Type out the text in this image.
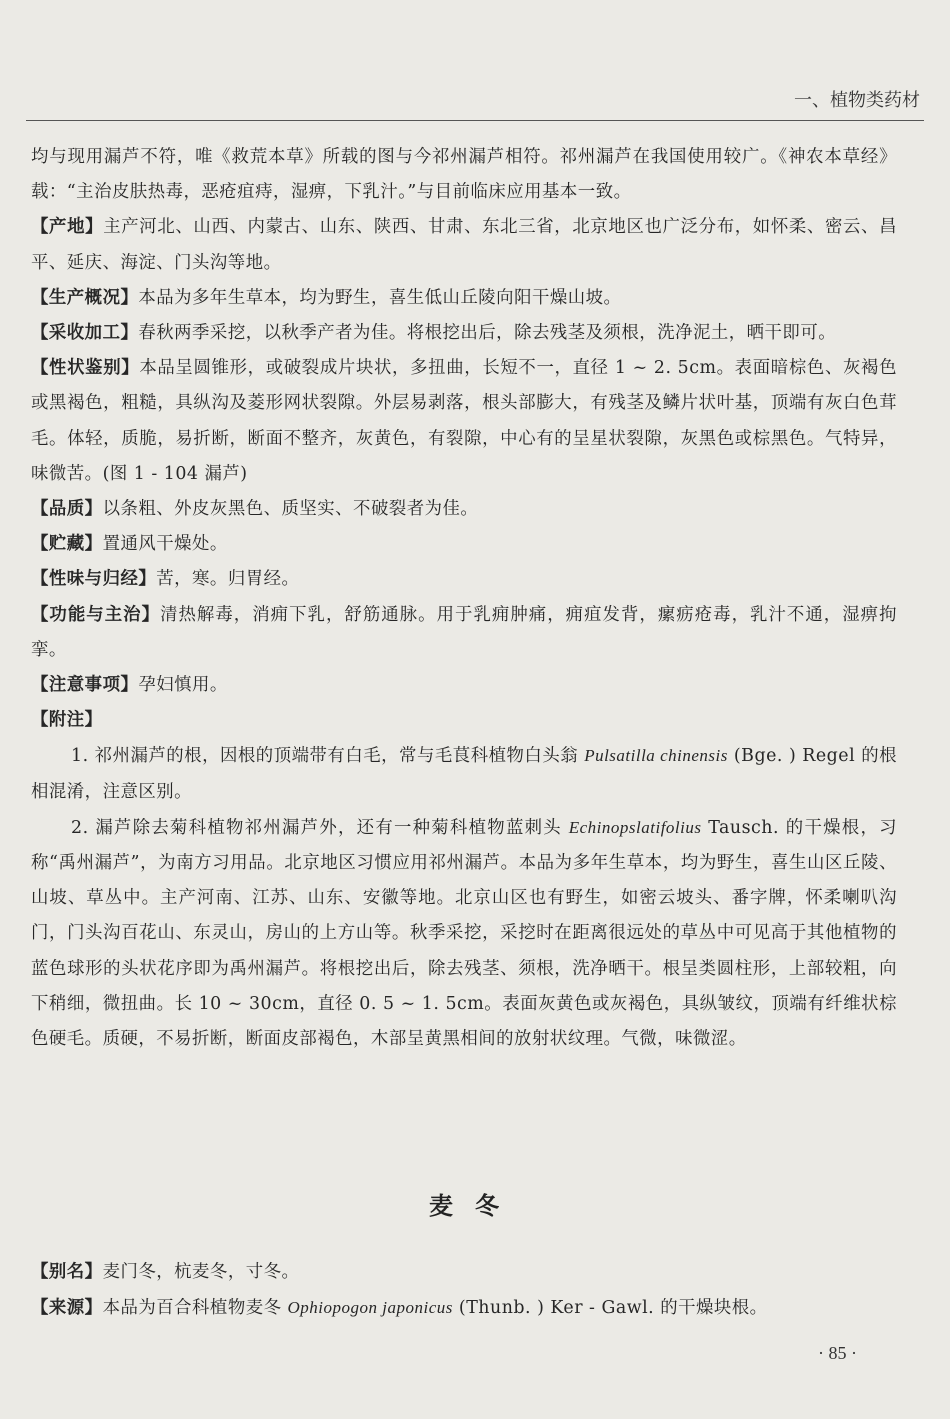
一、植物类药材

均与现用漏芦不符，唯《救荒本草》所载的图与今祁州漏芦相符。祁州漏芦在我国使用较广。《神农本草经》载：“主治皮肤热毒，恶疮疽痔，湿痹，下乳汁。”与目前临床应用基本一致。

【产地】主产河北、山西、内蒙古、山东、陕西、甘肃、东北三省，北京地区也广泛分布，如怀柔、密云、昌平、延庆、海淀、门头沟等地。

【生产概况】本品为多年生草本，均为野生，喜生低山丘陵向阳干燥山坡。

【采收加工】春秋两季采挖，以秋季产者为佳。将根挖出后，除去残茎及须根，洗净泥土，晒干即可。

【性状鉴别】本品呈圆锥形，或破裂成片块状，多扭曲，长短不一，直径 1 ~ 2. 5cm。表面暗棕色、灰褐色或黑褐色，粗糙，具纵沟及菱形网状裂隙。外层易剥落，根头部膨大，有残茎及鳞片状叶基，顶端有灰白色茸毛。体轻，质脆，易折断，断面不整齐，灰黄色，有裂隙，中心有的呈星状裂隙，灰黑色或棕黑色。气特异，味微苦。(图 1 - 104 漏芦)

【品质】以条粗、外皮灰黑色、质坚实、不破裂者为佳。

【贮藏】置通风干燥处。

【性味与归经】苦，寒。归胃经。

【功能与主治】清热解毒，消痈下乳，舒筋通脉。用于乳痈肿痛，痈疽发背，瘰疬疮毒，乳汁不通，湿痹拘挛。

【注意事项】孕妇慎用。

【附注】

1. 祁州漏芦的根，因根的顶端带有白毛，常与毛茛科植物白头翁 Pulsatilla chinensis (Bge. ) Regel 的根相混淆，注意区别。

2. 漏芦除去菊科植物祁州漏芦外，还有一种菊科植物蓝刺头 Echinopslatifolius Tausch. 的干燥根，习称“禹州漏芦”，为南方习用品。北京地区习惯应用祁州漏芦。本品为多年生草本，均为野生，喜生山区丘陵、山坡、草丛中。主产河南、江苏、山东、安徽等地。北京山区也有野生，如密云坡头、番字牌，怀柔喇叭沟门，门头沟百花山、东灵山，房山的上方山等。秋季采挖，采挖时在距离很远处的草丛中可见高于其他植物的蓝色球形的头状花序即为禹州漏芦。将根挖出后，除去残茎、须根，洗净晒干。根呈类圆柱形，上部较粗，向下稍细，微扭曲。长 10 ~ 30cm，直径 0. 5 ~ 1. 5cm。表面灰黄色或灰褐色，具纵皱纹，顶端有纤维状棕色硬毛。质硬，不易折断，断面皮部褐色，木部呈黄黑相间的放射状纹理。气微，味微涩。

麦冬

【别名】麦门冬，杭麦冬，寸冬。

【来源】本品为百合科植物麦冬 Ophiopogon japonicus (Thunb. ) Ker - Gawl. 的干燥块根。

· 85 ·
